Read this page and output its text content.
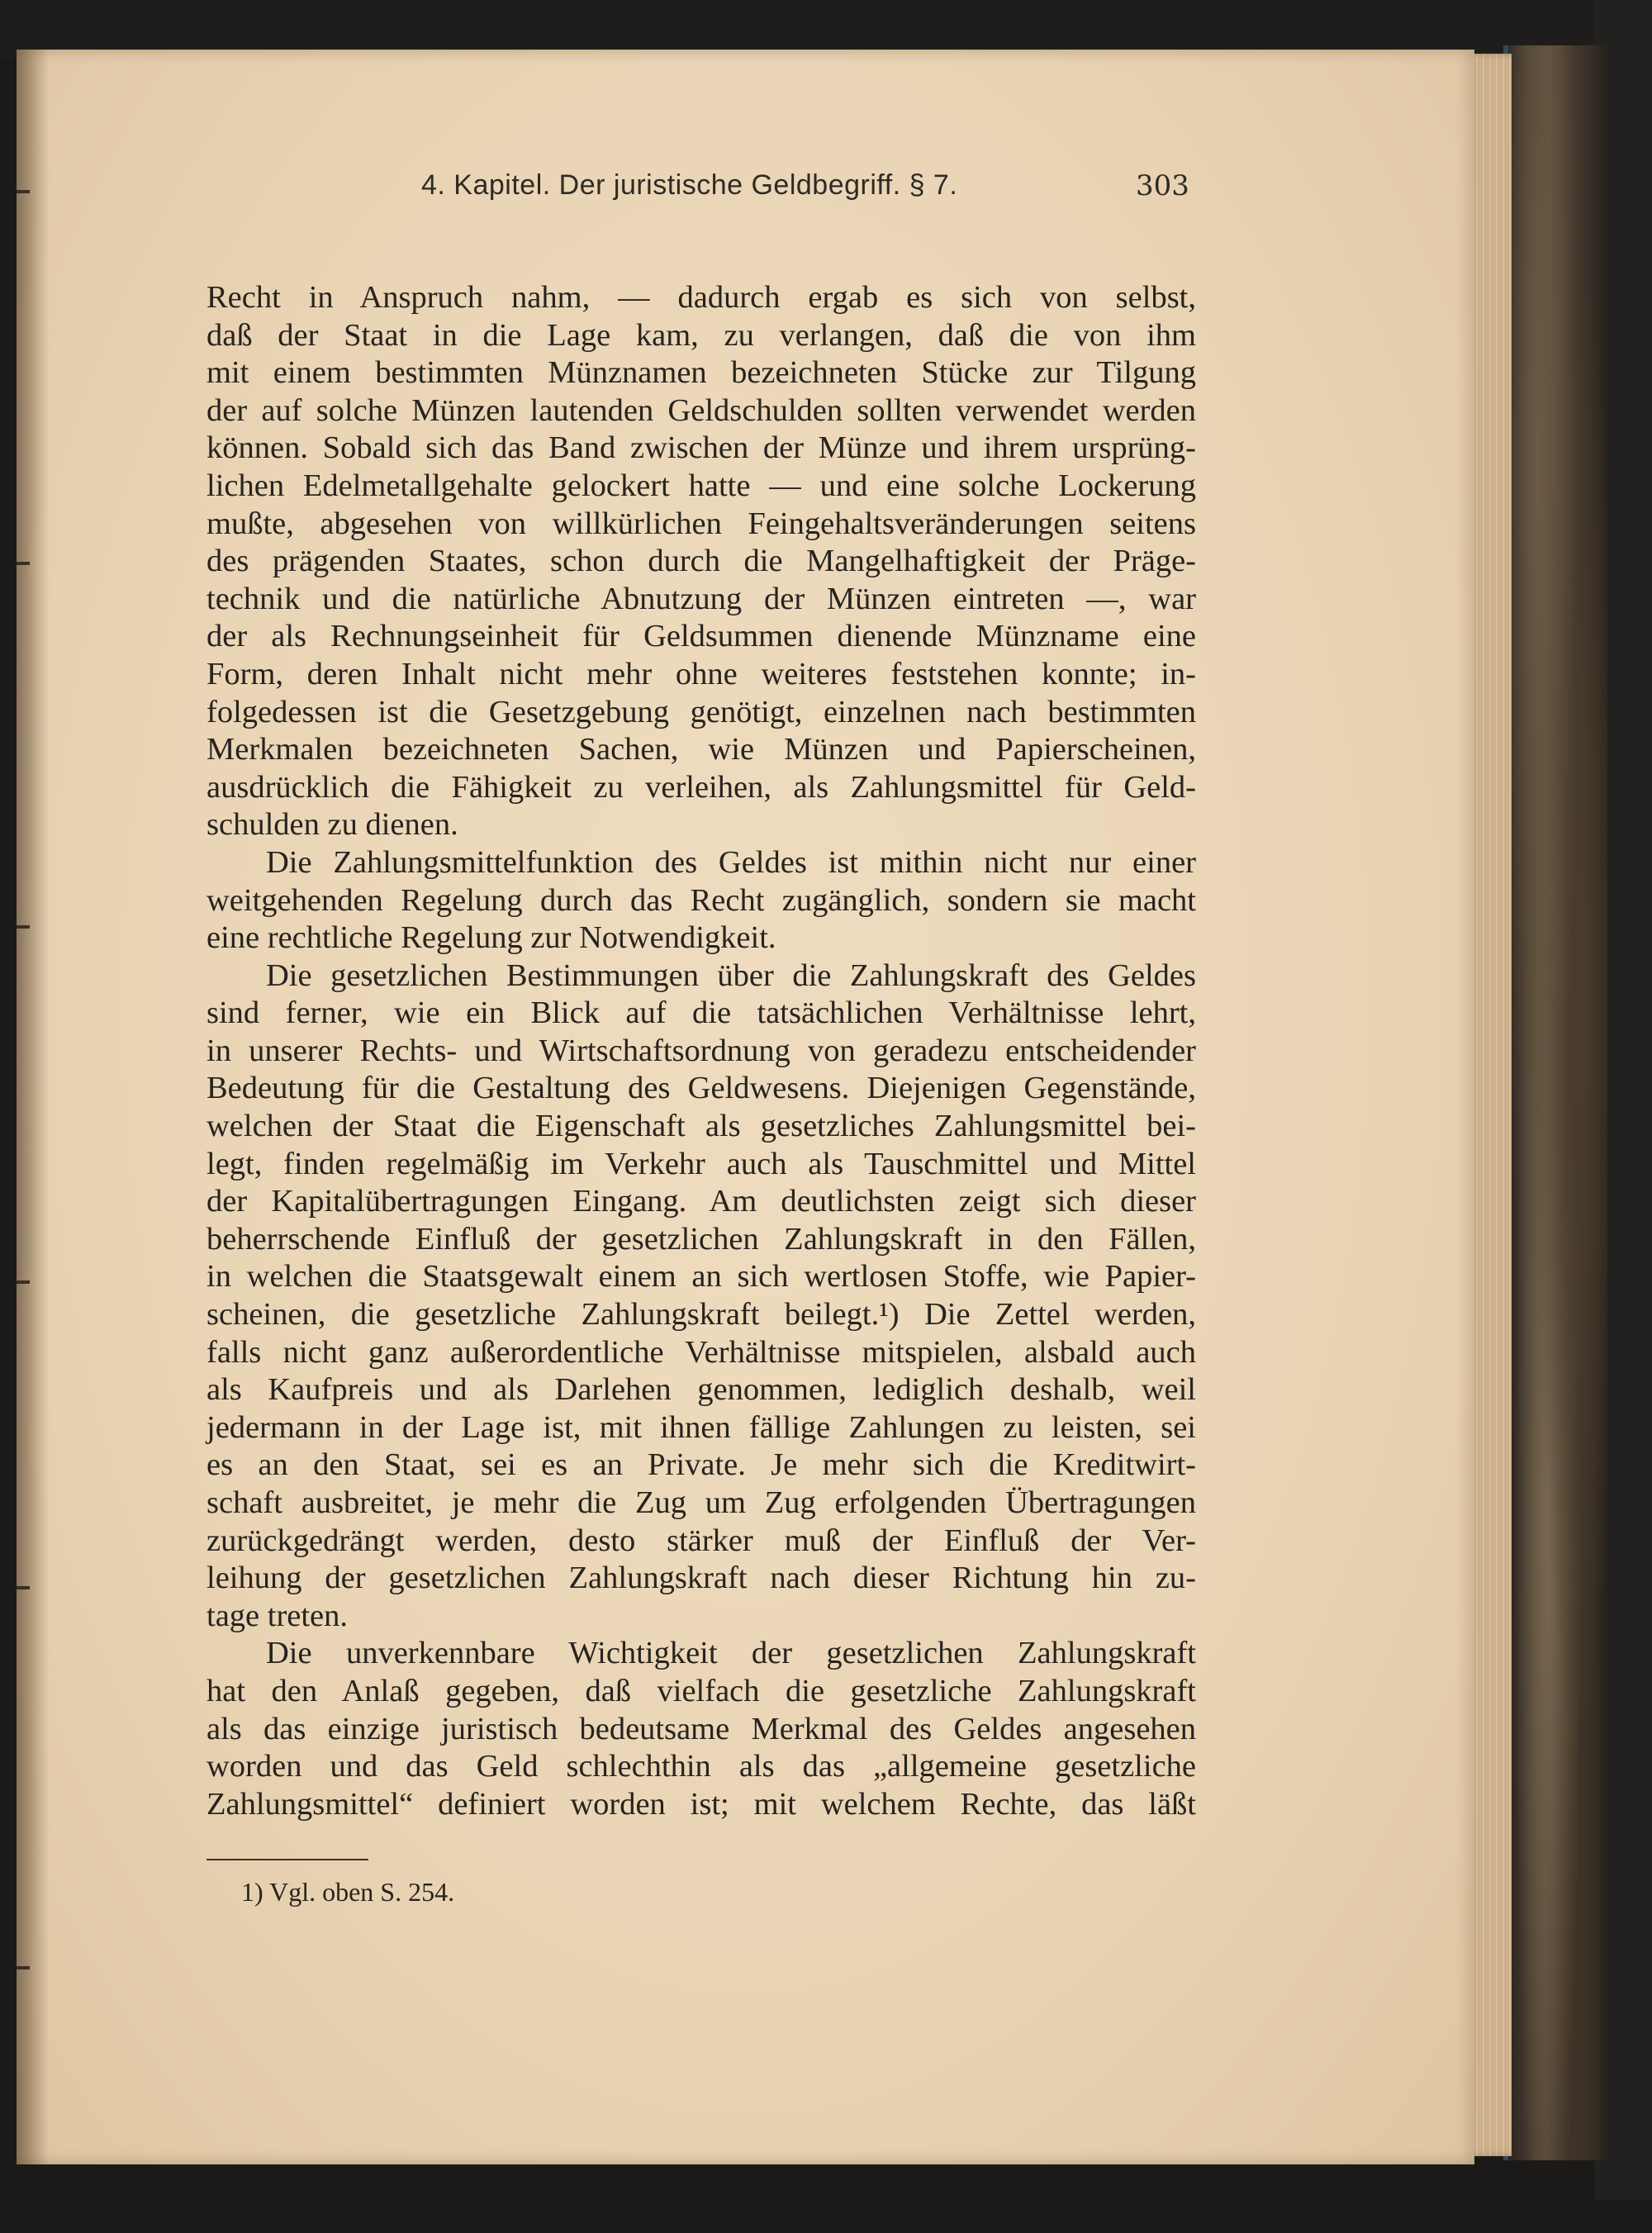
4. Kapitel. Der juristische Geldbegriff. § 7.	303
Recht in Anspruch nahm, — dadurch ergab es sich von selbst,
daß der Staat in die Lage kam, zu verlangen, daß die von ihm
mit einem bestimmten Münznamen bezeichneten Stücke zur Tilgung
der auf solche Münzen lautenden Geldschulden sollten verwendet werden
können. Sobald sich das Band zwischen der Münze und ihrem ursprüng-
lichen Edelmetallgehalte gelockert hatte — und eine solche Lockerung
mußte, abgesehen von willkürlichen Feingehaltsveränderungen seitens
des prägenden Staates, schon durch die Mangelhaftigkeit der Präge-
technik und die natürliche Abnutzung der Münzen eintreten —, war
der als Rechnungseinheit für Geldsummen dienende Münzname eine
Form, deren Inhalt nicht mehr ohne weiteres feststehen konnte; in-
folgedessen ist die Gesetzgebung genötigt, einzelnen nach bestimmten
Merkmalen bezeichneten Sachen, wie Münzen und Papierscheinen,
ausdrücklich die Fähigkeit zu verleihen, als Zahlungsmittel für Geld-
schulden zu dienen.
Die Zahlungsmittelfunktion des Geldes ist mithin nicht nur einer
weitgehenden Regelung durch das Recht zugänglich, sondern sie macht
eine rechtliche Regelung zur Notwendigkeit.
Die gesetzlichen Bestimmungen über die Zahlungskraft des Geldes
sind ferner, wie ein Blick auf die tatsächlichen Verhältnisse lehrt,
in unserer Rechts- und Wirtschaftsordnung von geradezu entscheidender
Bedeutung für die Gestaltung des Geldwesens. Diejenigen Gegenstände,
welchen der Staat die Eigenschaft als gesetzliches Zahlungsmittel bei-
legt, finden regelmäßig im Verkehr auch als Tauschmittel und Mittel
der Kapitalübertragungen Eingang. Am deutlichsten zeigt sich dieser
beherrschende Einfluß der gesetzlichen Zahlungskraft in den Fällen,
in welchen die Staatsgewalt einem an sich wertlosen Stoffe, wie Papier-
scheinen, die gesetzliche Zahlungskraft beilegt.¹) Die Zettel werden,
falls nicht ganz außerordentliche Verhältnisse mitspielen, alsbald auch
als Kaufpreis und als Darlehen genommen, lediglich deshalb, weil
jedermann in der Lage ist, mit ihnen fällige Zahlungen zu leisten, sei
es an den Staat, sei es an Private. Je mehr sich die Kreditwirt-
schaft ausbreitet, je mehr die Zug um Zug erfolgenden Übertragungen
zurückgedrängt werden, desto stärker muß der Einfluß der Ver-
leihung der gesetzlichen Zahlungskraft nach dieser Richtung hin zu-
tage treten.
Die unverkennbare Wichtigkeit der gesetzlichen Zahlungskraft
hat den Anlaß gegeben, daß vielfach die gesetzliche Zahlungskraft
als das einzige juristisch bedeutsame Merkmal des Geldes angesehen
worden und das Geld schlechthin als das „allgemeine gesetzliche
Zahlungsmittel“ definiert worden ist; mit welchem Rechte, das läßt
1) Vgl. oben S. 254.
